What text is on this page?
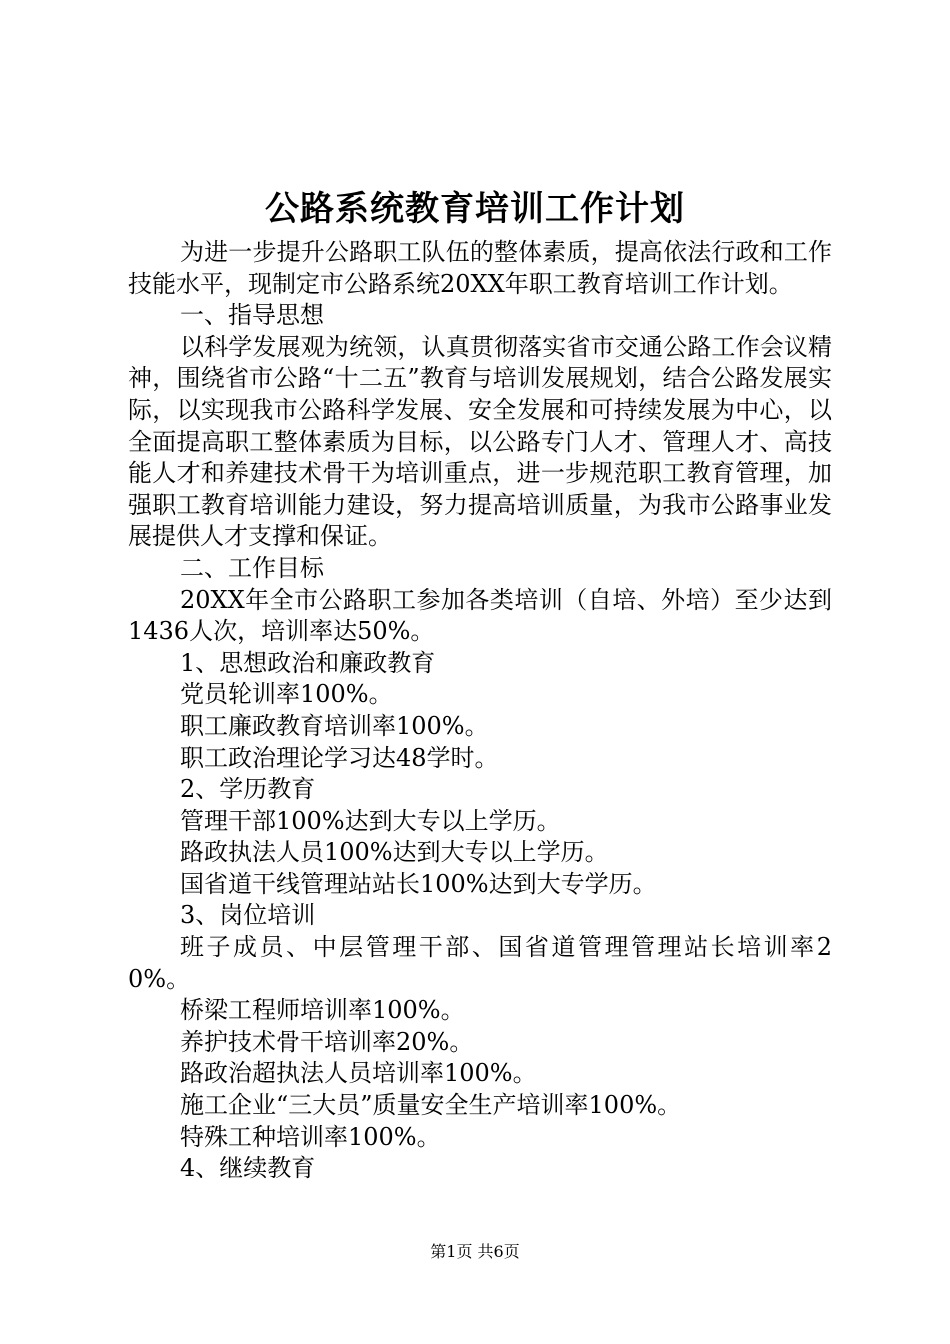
公路系统教育培训工作计划

为进一步提升公路职工队伍的整体素质，提高依法行政和工作技能水平，现制定市公路系统20XX年职工教育培训工作计划。

一、指导思想

以科学发展观为统领，认真贯彻落实省市交通公路工作会议精神，围绕省市公路“十二五”教育与培训发展规划，结合公路发展实际，以实现我市公路科学发展、安全发展和可持续发展为中心，以全面提高职工整体素质为目标，以公路专门人才、管理人才、高技能人才和养建技术骨干为培训重点，进一步规范职工教育管理，加强职工教育培训能力建设，努力提高培训质量，为我市公路事业发展提供人才支撑和保证。

二、工作目标

20XX年全市公路职工参加各类培训（自培、外培）至少达到1436人次，培训率达50%。

1、思想政治和廉政教育

党员轮训率100%。

职工廉政教育培训率100%。

职工政治理论学习达48学时。

2、学历教育

管理干部100%达到大专以上学历。

路政执法人员100%达到大专以上学历。

国省道干线管理站站长100%达到大专学历。

3、岗位培训

班子成员、中层管理干部、国省道管理管理站长培训率20%。

桥梁工程师培训率100%。

养护技术骨干培训率20%。

路政治超执法人员培训率100%。

施工企业“三大员”质量安全生产培训率100%。

特殊工种培训率100%。

4、继续教育

第1页 共6页
